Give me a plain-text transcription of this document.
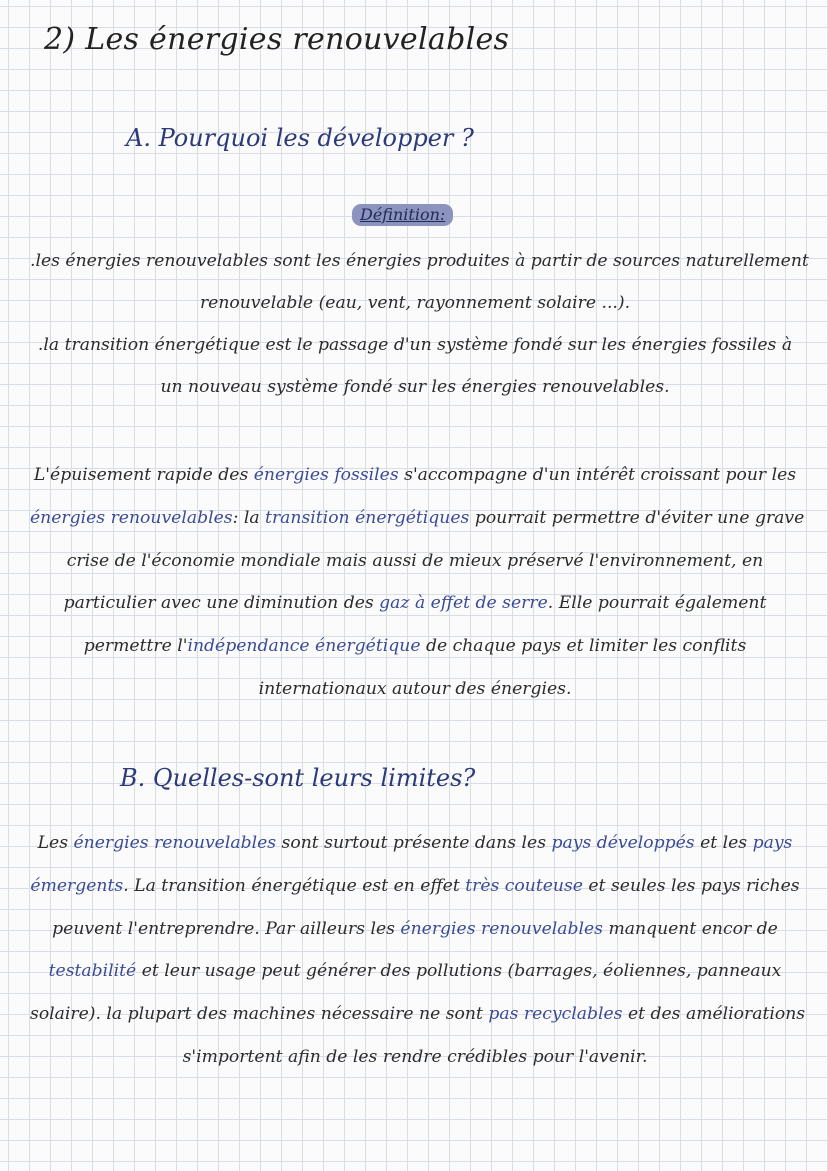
2) Les énergies renouvelables
A. Pourquoi les développer ?
Définition:
.les énergies renouvelables sont les énergies produites à partir de sources naturellement
renouvelable (eau, vent, rayonnement solaire ...).
.la transition énergétique est le passage d'un système fondé sur les énergies fossiles à
un nouveau système fondé sur les énergies renouvelables.
L'épuisement rapide des énergies fossiles s'accompagne d'un intérêt croissant pour les
énergies renouvelables: la transition énergétiques pourrait permettre d'éviter une grave
crise de l'économie mondiale mais aussi de mieux préservé l'environnement, en
particulier avec une diminution des gaz à effet de serre. Elle pourrait également
permettre l'indépendance énergétique de chaque pays et limiter les conflits
internationaux autour des énergies.
B. Quelles-sont leurs limites?
Les énergies renouvelables sont surtout présente dans les pays développés et les pays
émergents. La transition énergétique est en effet très couteuse et seules les pays riches
peuvent l'entreprendre. Par ailleurs les énergies renouvelables manquent encor de
testabilité et leur usage peut générer des pollutions (barrages, éoliennes, panneaux
solaire). la plupart des machines nécessaire ne sont pas recyclables et des améliorations
s'importent afin de les rendre crédibles pour l'avenir.
